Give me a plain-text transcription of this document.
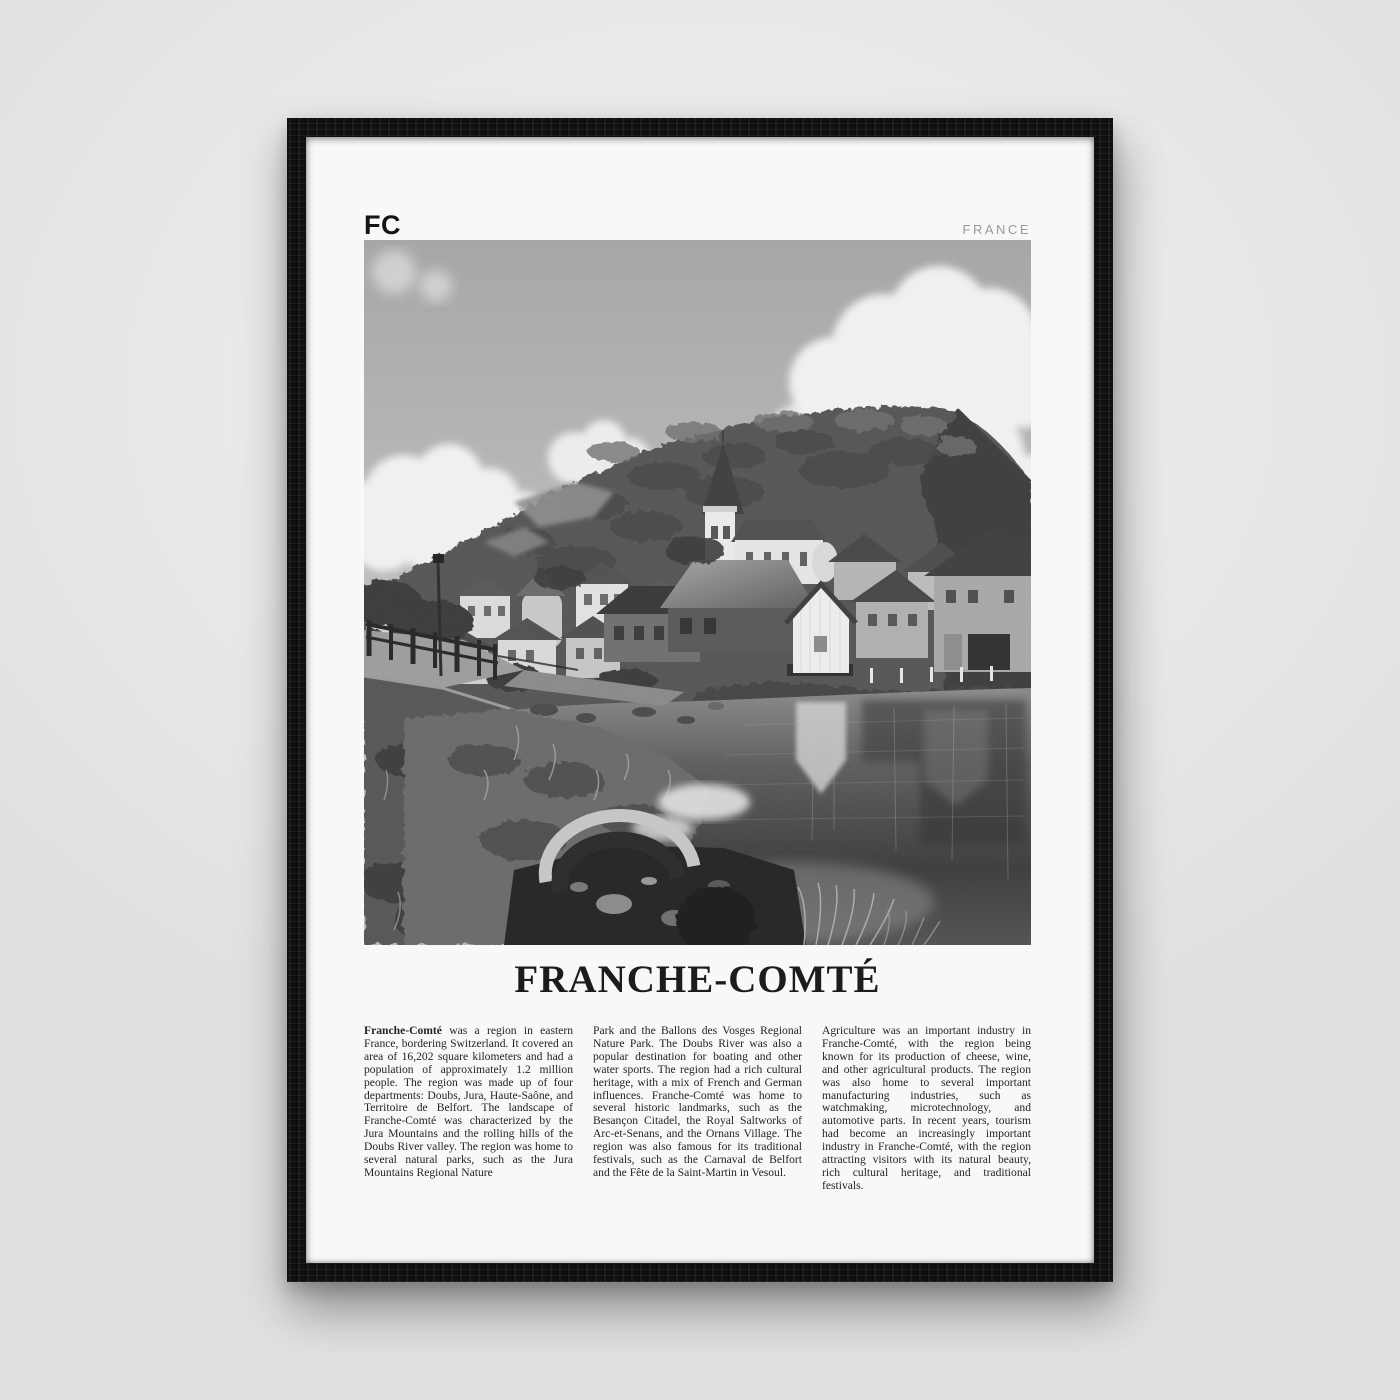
FC	FRANCE
FRANCHE-COMTÉ

Franche-Comté was a region in eastern France, bordering Switzerland. It covered an area of 16,202 square kilometers and had a population of approximately 1.2 million people. The region was made up of four departments: Doubs, Jura, Haute-Saône, and Territoire de Belfort. The landscape of Franche-Comté was characterized by the Jura Mountains and the rolling hills of the Doubs River valley. The region was home to several natural parks, such as the Jura Mountains Regional Nature

Park and the Ballons des Vosges Regional Nature Park. The Doubs River was also a popular destination for boating and other water sports. The region had a rich cultural heritage, with a mix of French and German influences. Franche-Comté was home to several historic landmarks, such as the Besançon Citadel, the Royal Saltworks of Arc-et-Senans, and the Ornans Village. The region was also famous for its traditional festivals, such as the Carnaval de Belfort and the Fête de la Saint-Martin in Vesoul.

Agriculture was an important industry in Franche-Comté, with the region being known for its production of cheese, wine, and other agricultural products. The region was also home to several important manufacturing industries, such as watchmaking, microtechnology, and automotive parts. In recent years, tourism had become an increasingly important industry in Franche-Comté, with the region attracting visitors with its natural beauty, rich cultural heritage, and traditional festivals.
